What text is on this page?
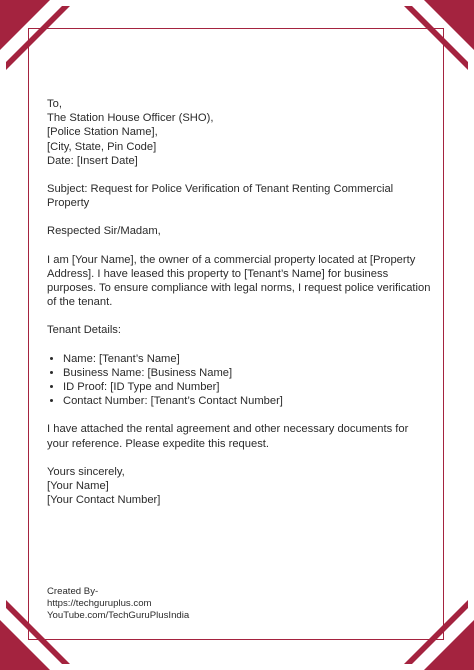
To,

The Station House Officer (SHO),

[Police Station Name],

[City, State, Pin Code]

Date: [Insert Date]

Subject: Request for Police Verification of Tenant Renting Commercial Property

Respected Sir/Madam,

I am [Your Name], the owner of a commercial property located at [Property Address]. I have leased this property to [Tenant’s Name] for business purposes. To ensure compliance with legal norms, I request police verification of the tenant.

Tenant Details:

• Name: [Tenant’s Name]
• Business Name: [Business Name]
• ID Proof: [ID Type and Number]
• Contact Number: [Tenant’s Contact Number]

I have attached the rental agreement and other necessary documents for your reference. Please expedite this request.

Yours sincerely,

[Your Name]

[Your Contact Number]

Created By-
https://techguruplus.com
YouTube.com/TechGuruPlusIndia
